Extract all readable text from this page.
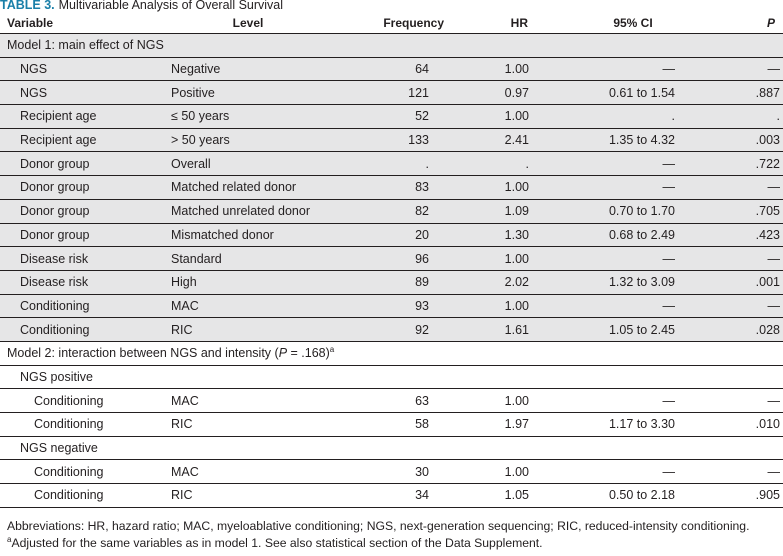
TABLE 3. Multivariable Analysis of Overall Survival
Variable	Level	Frequency	HR	95% CI	P
Model 1: main effect of NGS					
NGS	Negative	64	1.00	—	—
NGS	Positive	121	0.97	0.61 to 1.54	.887
Recipient age	≤ 50 years	52	1.00	.	.
Recipient age	> 50 years	133	2.41	1.35 to 4.32	.003
Donor group	Overall	.	.	—	.722
Donor group	Matched related donor	83	1.00	—	—
Donor group	Matched unrelated donor	82	1.09	0.70 to 1.70	.705
Donor group	Mismatched donor	20	1.30	0.68 to 2.49	.423
Disease risk	Standard	96	1.00	—	—
Disease risk	High	89	2.02	1.32 to 3.09	.001
Conditioning	MAC	93	1.00	—	—
Conditioning	RIC	92	1.61	1.05 to 2.45	.028
Model 2: interaction between NGS and intensity (P = .168)$^a$
NGS positive					
Conditioning	MAC	63	1.00	—	—
Conditioning	RIC	58	1.97	1.17 to 3.30	.010
NGS negative					
Conditioning	MAC	30	1.00	—	—
Conditioning	RIC	34	1.05	0.50 to 2.18	.905
Abbreviations: HR, hazard ratio; MAC, myeloablative conditioning; NGS, next-generation sequencing; RIC, reduced-intensity conditioning.
$^a$Adjusted for the same variables as in model 1. See also statistical section of the Data Supplement.
